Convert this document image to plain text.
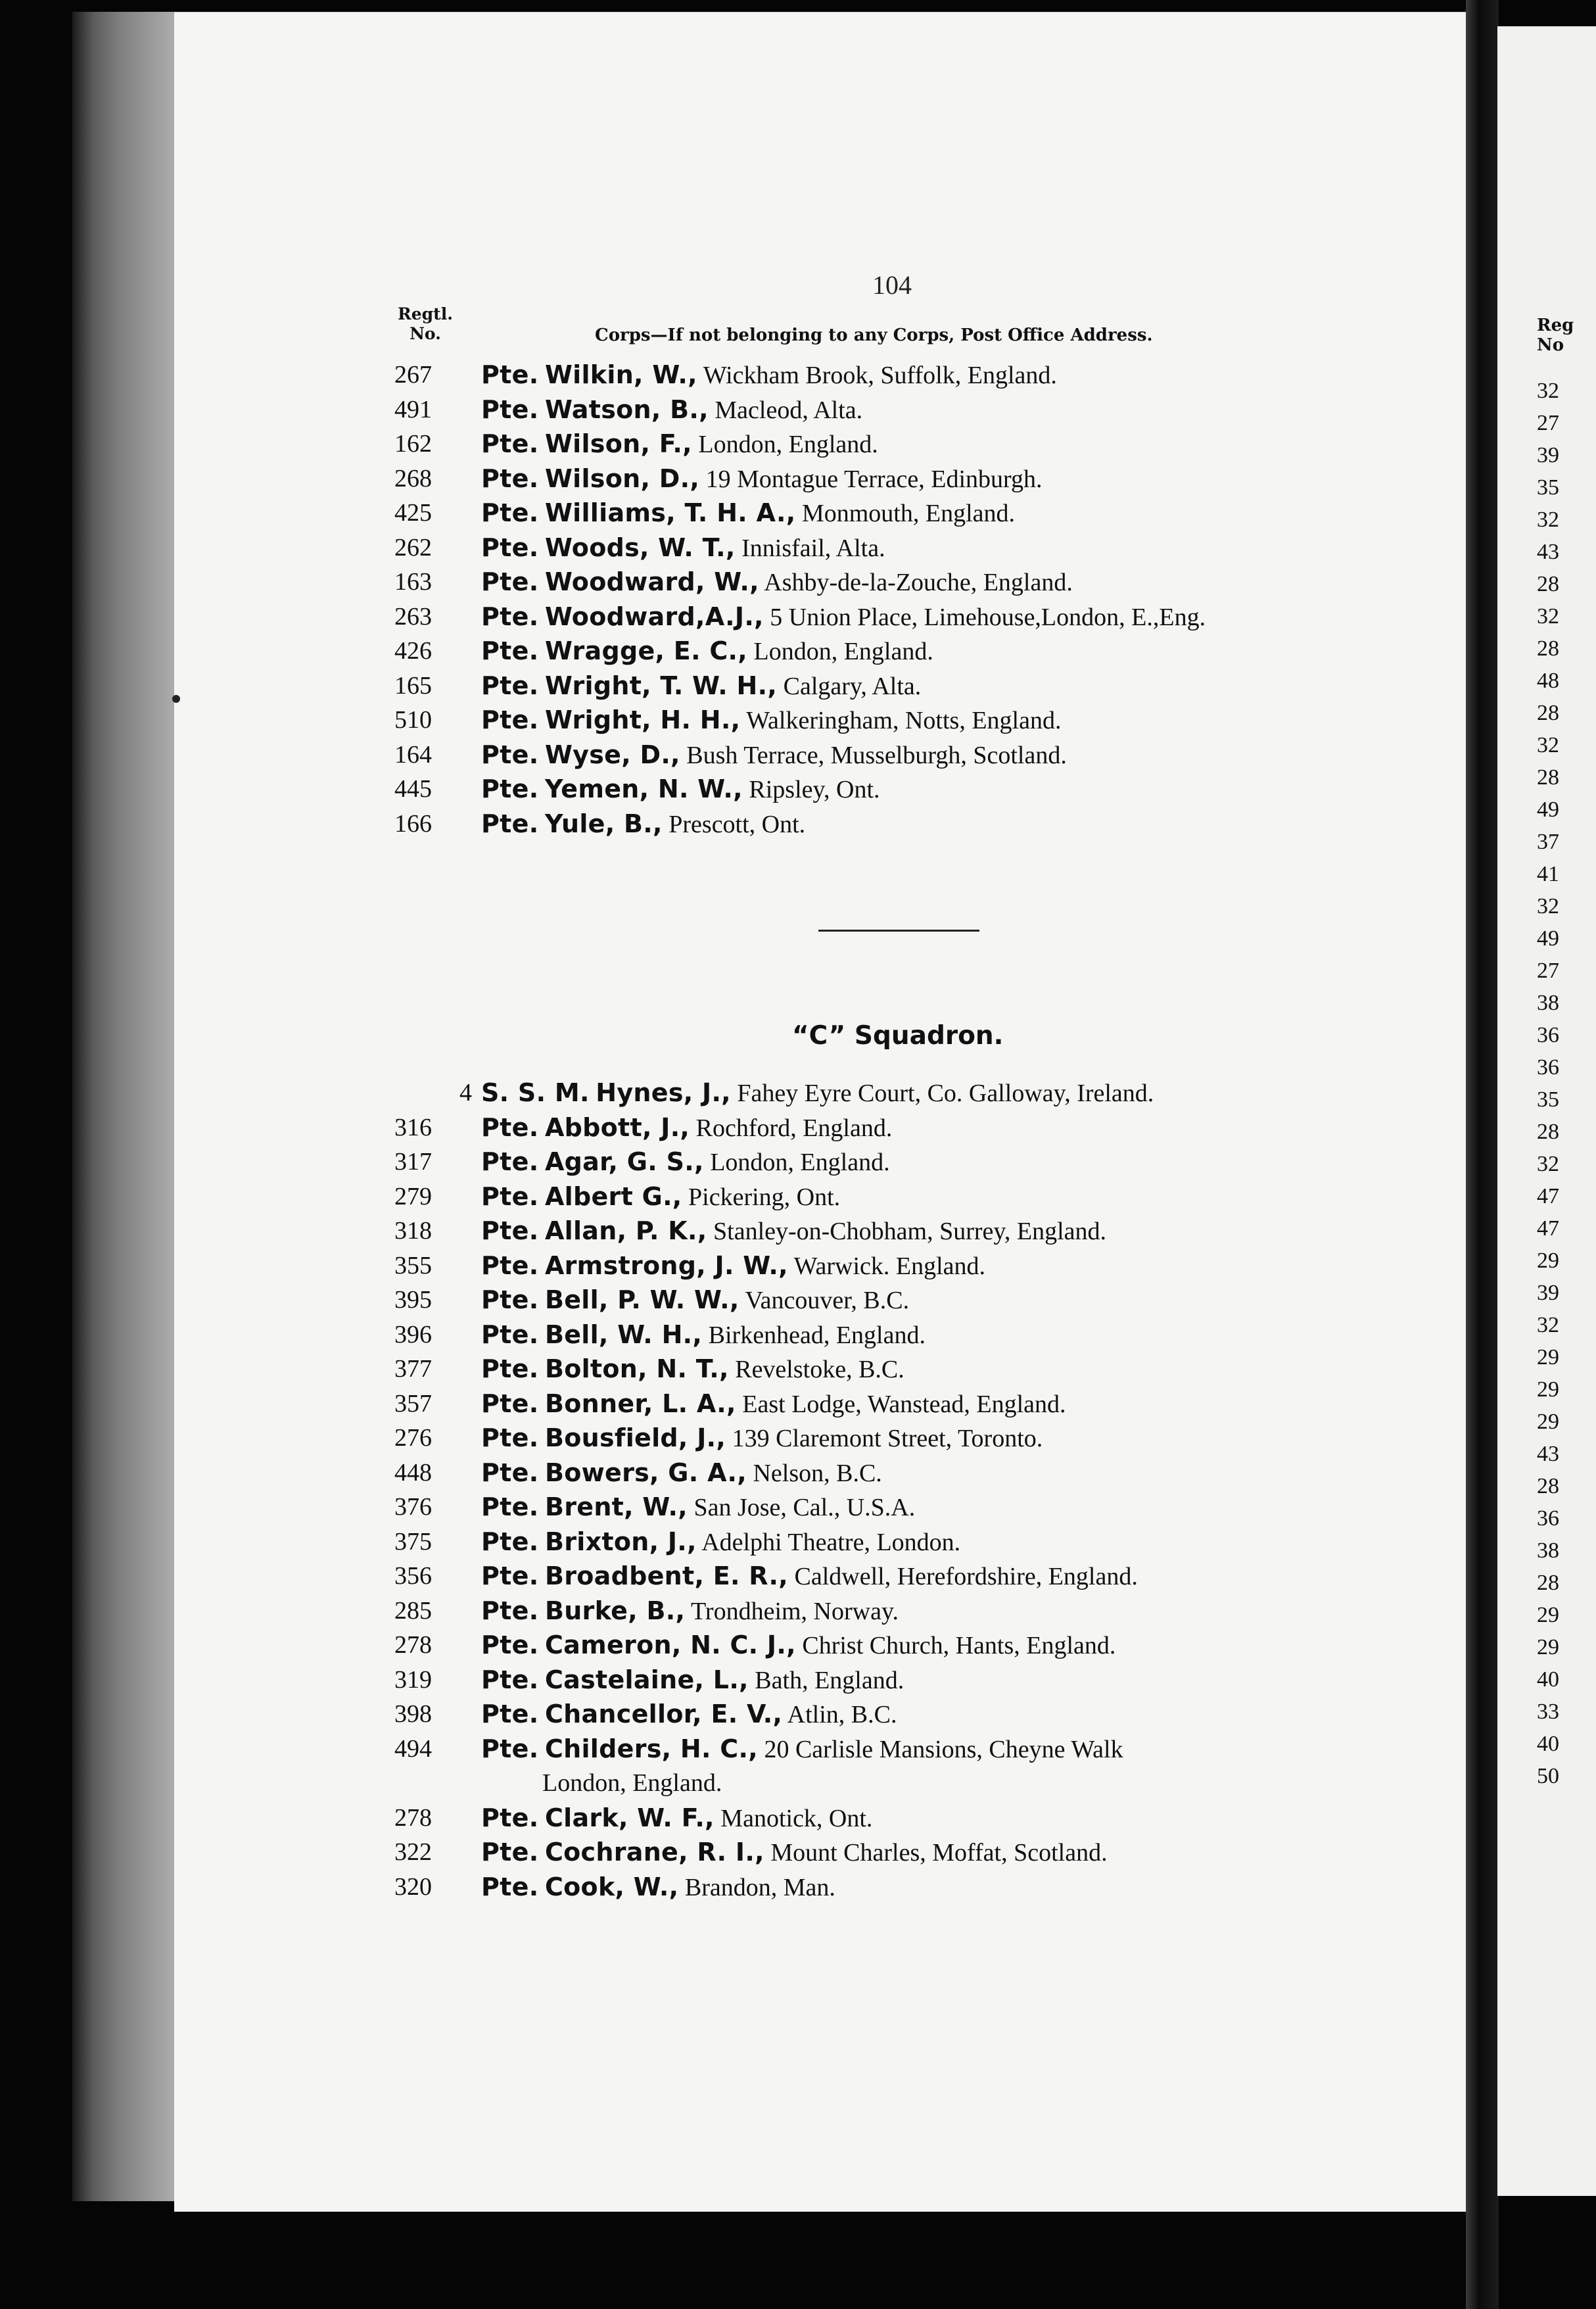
104
Regtl.
No.	Corps—If not belonging to any Corps, Post Office Address.
267	Pte. Wilkin, W., Wickham Brook, Suffolk, England.
491	Pte. Watson, B., Macleod, Alta.
162	Pte. Wilson, F., London, England.
268	Pte. Wilson, D., 19 Montague Terrace, Edinburgh.
425	Pte. Williams, T. H. A., Monmouth, England.
262	Pte. Woods, W. T., Innisfail, Alta.
163	Pte. Woodward, W., Ashby-de-la-Zouche, England.
263	Pte. Woodward,A.J., 5 Union Place, Limehouse,London, E.,Eng.
426	Pte. Wragge, E. C., London, England.
165	Pte. Wright, T. W. H., Calgary, Alta.
510	Pte. Wright, H. H., Walkeringham, Notts, England.
164	Pte. Wyse, D., Bush Terrace, Musselburgh, Scotland.
445	Pte. Yemen, N. W., Ripsley, Ont.
166	Pte. Yule, B., Prescott, Ont.
“C” Squadron.
4 S. S. M. Hynes, J., Fahey Eyre Court, Co. Galloway, Ireland.
316	Pte. Abbott, J., Rochford, England.
317	Pte. Agar, G. S., London, England.
279	Pte. Albert G., Pickering, Ont.
318	Pte. Allan, P. K., Stanley-on-Chobham, Surrey, England.
355	Pte. Armstrong, J. W., Warwick. England.
395	Pte. Bell, P. W. W., Vancouver, B.C.
396	Pte. Bell, W. H., Birkenhead, England.
377	Pte. Bolton, N. T., Revelstoke, B.C.
357	Pte. Bonner, L. A., East Lodge, Wanstead, England.
276	Pte. Bousfield, J., 139 Claremont Street, Toronto.
448	Pte. Bowers, G. A., Nelson, B.C.
376	Pte. Brent, W., San Jose, Cal., U.S.A.
375	Pte. Brixton, J., Adelphi Theatre, London.
356	Pte. Broadbent, E. R., Caldwell, Herefordshire, England.
285	Pte. Burke, B., Trondheim, Norway.
278	Pte. Cameron, N. C. J., Christ Church, Hants, England.
319	Pte. Castelaine, L., Bath, England.
398	Pte. Chancellor, E. V., Atlin, B.C.
494	Pte. Childers, H. C., 20 Carlisle Mansions, Cheyne Walk
London, England.
278	Pte. Clark, W. F., Manotick, Ont.
322	Pte. Cochrane, R. I., Mount Charles, Moffat, Scotland.
320	Pte. Cook, W., Brandon, Man.
Reg
No
32
27
39
35
32
43
28
32
28
48
28
32
28
49
37
41
32
49
27
38
36
36
35
28
32
47
47
29
39
32
29
29
29
43
28
36
38
28
29
29
40
33
40
50
